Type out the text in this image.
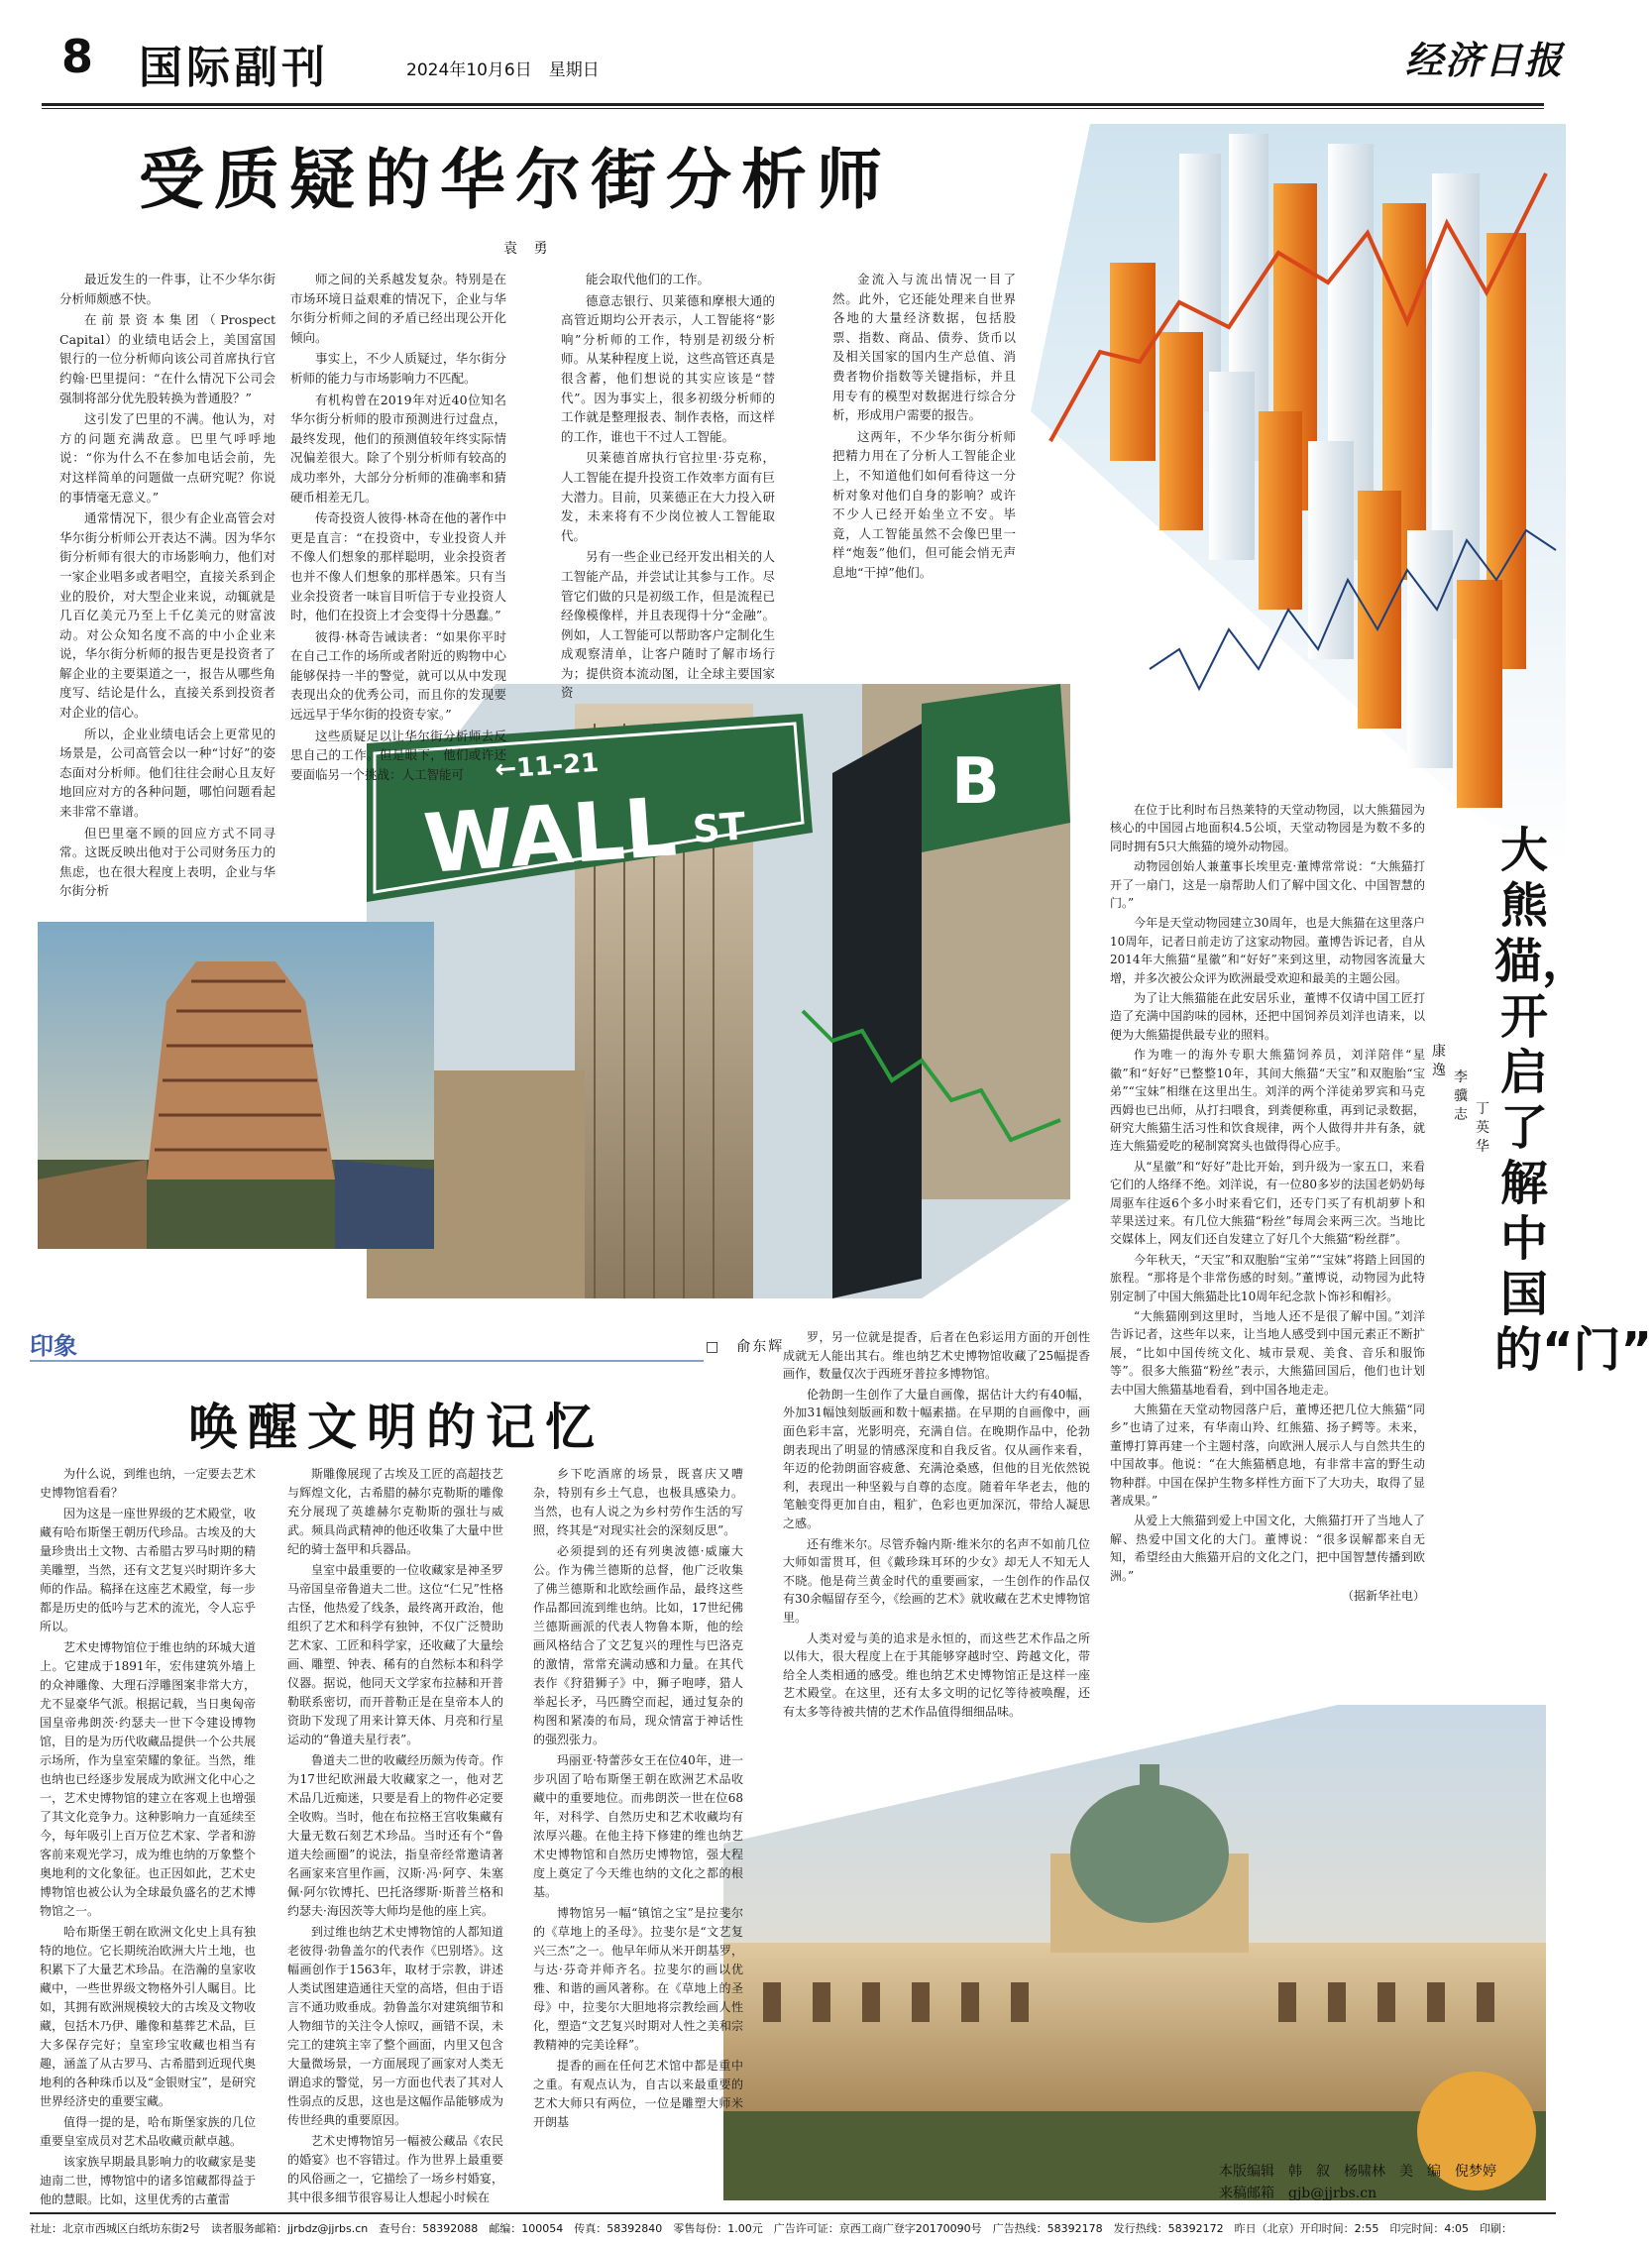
8 国际副刊	2024年10月6日　星期日	经济日报
受质疑的华尔街分析师
袁 勇
WALL ST
←11-21	B

最近发生的一件事，让不少华尔街分析师颇感不快。

在前景资本集团（Prospect Capital）的业绩电话会上，美国富国银行的一位分析师向该公司首席执行官约翰·巴里提问：“在什么情况下公司会强制将部分优先股转换为普通股？”

这引发了巴里的不满。他认为，对方的问题充满敌意。巴里气呼呼地说：“你为什么不在参加电话会前，先对这样简单的问题做一点研究呢？你说的事情毫无意义。”

通常情况下，很少有企业高管会对华尔街分析师公开表达不满。因为华尔街分析师有很大的市场影响力，他们对一家企业唱多或者唱空，直接关系到企业的股价，对大型企业来说，动辄就是几百亿美元乃至上千亿美元的财富波动。对公众知名度不高的中小企业来说，华尔街分析师的报告更是投资者了解企业的主要渠道之一，报告从哪些角度写、结论是什么，直接关系到投资者对企业的信心。

所以，企业业绩电话会上更常见的场景是，公司高管会以一种“讨好”的姿态面对分析师。他们往往会耐心且友好地回应对方的各种问题，哪怕问题看起来非常不靠谱。

但巴里毫不顾的回应方式不同寻常。这既反映出他对于公司财务压力的焦虑，也在很大程度上表明，企业与华尔街分析

师之间的关系越发复杂。特别是在市场环境日益艰难的情况下，企业与华尔街分析师之间的矛盾已经出现公开化倾向。

事实上，不少人质疑过，华尔街分析师的能力与市场影响力不匹配。

有机构曾在2019年对近40位知名华尔街分析师的股市预测进行过盘点，最终发现，他们的预测值较年终实际情况偏差很大。除了个别分析师有较高的成功率外，大部分分析师的准确率和猜硬币相差无几。

传奇投资人彼得·林奇在他的著作中更是直言：“在投资中，专业投资人并不像人们想象的那样聪明，业余投资者也并不像人们想象的那样愚笨。只有当业余投资者一味盲目听信于专业投资人时，他们在投资上才会变得十分愚蠢。”

彼得·林奇告诫读者：“如果你平时在自己工作的场所或者附近的购物中心能够保持一半的警觉，就可以从中发现表现出众的优秀公司，而且你的发现要远远早于华尔街的投资专家。”

这些质疑足以让华尔街分析师去反思自己的工作。但是眼下，他们或许还要面临另一个挑战：人工智能可

能会取代他们的工作。

德意志银行、贝莱德和摩根大通的高管近期均公开表示，人工智能将“影响”分析师的工作，特别是初级分析师。从某种程度上说，这些高管还真是很含蓄，他们想说的其实应该是“替代”。因为事实上，很多初级分析师的工作就是整理报表、制作表格，而这样的工作，谁也干不过人工智能。

贝莱德首席执行官拉里·芬克称，人工智能在提升投资工作效率方面有巨大潜力。目前，贝莱德正在大力投入研发，未来将有不少岗位被人工智能取代。

另有一些企业已经开发出相关的人工智能产品，并尝试让其参与工作。尽管它们做的只是初级工作，但是流程已经像模像样，并且表现得十分“金融”。例如，人工智能可以帮助客户定制化生成观察清单，让客户随时了解市场行为；提供资本流动图，让全球主要国家资

金流入与流出情况一目了然。此外，它还能处理来自世界各地的大量经济数据，包括股票、指数、商品、债券、货币以及相关国家的国内生产总值、消费者物价指数等关键指标，并且用专有的模型对数据进行综合分析，形成用户需要的报告。

这两年，不少华尔街分析师把精力用在了分析人工智能企业上，不知道他们如何看待这一分析对象对他们自身的影响？或许不少人已经开始坐立不安。毕竟，人工智能虽然不会像巴里一样“炮轰”他们，但可能会悄无声息地“干掉”他们。

大熊猫，开启了解中国的“门”
康 逸 李骥志 丁英华

在位于比利时布吕热莱特的天堂动物园，以大熊猫园为核心的中国园占地面积4.5公顷，天堂动物园是为数不多的同时拥有5只大熊猫的境外动物园。

动物园创始人兼董事长埃里克·董博常常说：“大熊猫打开了一扇门，这是一扇帮助人们了解中国文化、中国智慧的门。”

今年是天堂动物园建立30周年，也是大熊猫在这里落户10周年，记者日前走访了这家动物园。董博告诉记者，自从2014年大熊猫“星徽”和“好好”来到这里，动物园客流量大增，并多次被公众评为欧洲最受欢迎和最美的主题公园。

为了让大熊猫能在此安居乐业，董博不仅请中国工匠打造了充满中国韵味的园林，还把中国饲养员刘洋也请来，以便为大熊猫提供最专业的照料。

作为唯一的海外专职大熊猫饲养员，刘洋陪伴“星徽”和“好好”已整整10年，其间大熊猫“天宝”和双胞胎“宝弟”“宝妹”相继在这里出生。刘洋的两个洋徒弟罗宾和马克西姆也已出师，从打扫喂食，到粪便称重，再到记录数据，研究大熊猫生活习性和饮食规律，两个人做得井井有条，就连大熊猫爱吃的秘制窝窝头也做得得心应手。

从“星徽”和“好好”赴比开始，到升级为一家五口，来看它们的人络绎不绝。刘洋说，有一位80多岁的法国老奶奶每周驱车往返6个多小时来看它们，还专门买了有机胡萝卜和苹果送过来。有几位大熊猫“粉丝”每周会来两三次。当地比交媒体上，网友们还自发建立了好几个大熊猫“粉丝群”。

今年秋天，“天宝”和双胞胎“宝弟”“宝妹”将踏上回国的旅程。“那将是个非常伤感的时刻。”董博说，动物园为此特别定制了中国大熊猫赴比10周年纪念款卜饰衫和帽衫。

“大熊猫刚到这里时，当地人还不是很了解中国。”刘洋告诉记者，这些年以来，让当地人感受到中国元素正不断扩展，“比如中国传统文化、城市景观、美食、音乐和服饰等”。很多大熊猫“粉丝”表示，大熊猫回国后，他们也计划去中国大熊猫基地看看，到中国各地走走。

大熊猫在天堂动物园落户后，董博还把几位大熊猫“同乡”也请了过来，有华南山羚、红熊猫、扬子鳄等。未来，董博打算再建一个主题村落，向欧洲人展示人与自然共生的中国故事。他说：“在大熊猫栖息地，有非常丰富的野生动物种群。中国在保护生物多样性方面下了大功夫，取得了显著成果。”

从爱上大熊猫到爱上中国文化，大熊猫打开了当地人了解、热爱中国文化的大门。董博说：“很多误解都来自无知，希望经由大熊猫开启的文化之门，把中国智慧传播到欧洲。”

（据新华社电）

印象	□　 俞东辉
唤醒文明的记忆

为什么说，到维也纳，一定要去艺术史博物馆看看？

因为这是一座世界级的艺术殿堂，收藏有哈布斯堡王朝历代珍品。古埃及的大量珍贵出土文物、古希腊古罗马时期的精美雕塑，当然，还有文艺复兴时期许多大师的作品。稿择在这座艺术殿堂，每一步都是历史的低吟与艺术的流光，令人忘乎所以。

艺术史博物馆位于维也纳的环城大道上。它建成于1891年，宏伟建筑外墙上的众神雕像、大理石浮雕图案非常大方，尤不显豪华气派。根据记载，当日奥匈帝国皇帝弗朗茨·约瑟夫一世下令建设博物馆，目的是为历代收藏品提供一个公共展示场所，作为皇室荣耀的象征。当然，维也纳也已经逐步发展成为欧洲文化中心之一，艺术史博物馆的建立在客观上也增强了其文化竞争力。这种影响力一直延续至今，每年吸引上百万位艺术家、学者和游客前来观光学习，成为维也纳的万象整个奥地利的文化象征。也正因如此，艺术史博物馆也被公认为全球最负盛名的艺术博物馆之一。

哈布斯堡王朝在欧洲文化史上具有独特的地位。它长期统治欧洲大片土地，也积累下了大量艺术珍品。在浩瀚的皇家收藏中，一些世界级文物格外引人瞩目。比如，其拥有欧洲规模较大的古埃及文物收藏，包括木乃伊、雕像和墓葬艺术品，巨大多保存完好；皇室珍宝收藏也相当有趣，涵盖了从古罗马、古希腊到近现代奥地利的各种珠币以及“金银财宝”，是研究世界经济史的重要宝藏。

值得一提的是，哈布斯堡家族的几位重要皇室成员对艺术品收藏贡献卓越。

该家族早期最具影响力的收藏家是斐迪南二世，博物馆中的诸多馆藏都得益于他的慧眼。比如，这里优秀的古董雷

斯雕像展现了古埃及工匠的高超技艺与辉煌文化，古希腊的赫尔克勒斯的雕像充分展现了英雄赫尔克勒斯的强壮与威武。频具尚武精神的他还收集了大量中世纪的骑士盔甲和兵器品。

皇室中最重要的一位收藏家是神圣罗马帝国皇帝鲁道夫二世。这位“仁兄”性格古怪，他热爱了线条，最终离开政治，他组织了艺术和科学有独钟，不仅广泛赞助艺术家、工匠和科学家，还收藏了大量绘画、雕塑、钟表、稀有的自然标本和科学仪器。据说，他同天文学家布拉赫和开普勒联系密切，而开普勒正是在皇帝本人的资助下发现了用来计算天体、月亮和行星运动的“鲁道夫星行表”。

鲁道夫二世的收藏经历颇为传奇。作为17世纪欧洲最大收藏家之一，他对艺术品几近痴迷，只要是看上的物件必定要全收购。当时，他在布拉格王宫收集藏有大量无数石刻艺术珍品。当时还有个“鲁道夫绘画圈”的说法，指皇帝经常邀请著名画家来宫里作画，汉斯·冯·阿亨、朱塞佩·阿尔钦博托、巴托洛缪斯·斯普兰格和约瑟夫·海因茨等大师均是他的座上宾。

到过维也纳艺术史博物馆的人都知道老彼得·勃鲁盖尔的代表作《巴别塔》。这幅画创作于1563年，取材于宗教，讲述人类试图建造通往天堂的高塔，但由于语言不通功败垂成。勃鲁盖尔对建筑细节和人物细节的关注令人惊叹，画错不误，未完工的建筑主宰了整个画面，内里又包含大量微场景，一方面展现了画家对人类无谓追求的警觉，另一方面也代表了其对人性弱点的反思，这也是这幅作品能够成为传世经典的重要原因。

艺术史博物馆另一幅被公藏品《农民的婚宴》也不容错过。作为世界上最重要的风俗画之一，它描绘了一场乡村婚宴，其中很多细节很容易让人想起小时候在

乡下吃酒席的场景，既喜庆又嘈杂，特别有乡土气息，也极具感染力。当然，也有人说之为乡村劳作生活的写照，终其是“对现实社会的深刻反思”。

必须提到的还有列奥波德·威廉大公。作为佛兰德斯的总督，他广泛收集了佛兰德斯和北欧绘画作品，最终这些作品都回流到维也纳。比如，17世纪佛兰德斯画派的代表人物鲁本斯，他的绘画风格结合了文艺复兴的理性与巴洛克的激情，常常充满动感和力量。在其代表作《狩猎狮子》中，狮子咆哮，猎人举起长矛，马匹腾空而起，通过复杂的构图和紧凑的布局，现众情富于神话性的强烈张力。

玛丽亚·特蕾莎女王在位40年，进一步巩固了哈布斯堡王朝在欧洲艺术品收藏中的重要地位。而弗朗茨一世在位68年，对科学、自然历史和艺术收藏均有浓厚兴趣。在他主持下修建的维也纳艺术史博物馆和自然历史博物馆，强大程度上奠定了今天维也纳的文化之都的根基。

博物馆另一幅“镇馆之宝”是拉斐尔的《草地上的圣母》。拉斐尔是“文艺复兴三杰”之一。他早年师从米开朗基罗，与达·芬奇并师齐名。拉斐尔的画以优雅、和谐的画风著称。在《草地上的圣母》中，拉斐尔大胆地将宗教绘画人性化，塑造“文艺复兴时期对人性之美和宗教精神的完美诠释”。

提香的画在任何艺术馆中都是重中之重。有观点认为，自古以来最重要的艺术大师只有两位，一位是雕塑大师米开朗基

罗，另一位就是提香，后者在色彩运用方面的开创性成就无人能出其右。维也纳艺术史博物馆收藏了25幅提香画作，数量仅次于西班牙普拉多博物馆。

伦勃朗一生创作了大量自画像，据估计大约有40幅，外加31幅蚀刻版画和数十幅素描。在早期的自画像中，画面色彩丰富，光影明亮，充满自信。在晚期作品中，伦勃朗表现出了明显的情感深度和自我反省。仅从画作来看，年迈的伦勃朗面容疲惫、充满沧桑感，但他的目光依然锐利，表现出一种坚毅与自尊的态度。随着年华老去，他的笔触变得更加自由，粗犷，色彩也更加深沉，带给人凝思之感。

还有维米尔。尽管乔翰内斯·维米尔的名声不如前几位大师如雷贯耳，但《戴珍珠耳环的少女》却无人不知无人不晓。他是荷兰黄金时代的重要画家，一生创作的作品仅有30余幅留存至今，《绘画的艺术》就收藏在艺术史博物馆里。

人类对爱与美的追求是永恒的，而这些艺术作品之所以伟大，很大程度上在于其能够穿越时空、跨越文化，带给全人类相通的感受。维也纳艺术史博物馆正是这样一座艺术殿堂。在这里，还有太多文明的记忆等待被唤醒，还有太多等待被共情的艺术作品值得细细品味。

本版编辑　韩　叙　杨啸林　美　编　倪梦婷
来稿邮箱　gjb@jjrbs.cn
社址：北京市西城区白纸坊东街2号　读者服务邮箱：jjrbdz@jjrbs.cn　查号台：58392088　邮编：100054　传真：58392840　零售每份：1.00元　广告许可证：京西工商广登字20170090号　广告热线：58392178　发行热线：58392172　昨日（北京）开印时间：2:55　印完时间：4:05　印刷：
